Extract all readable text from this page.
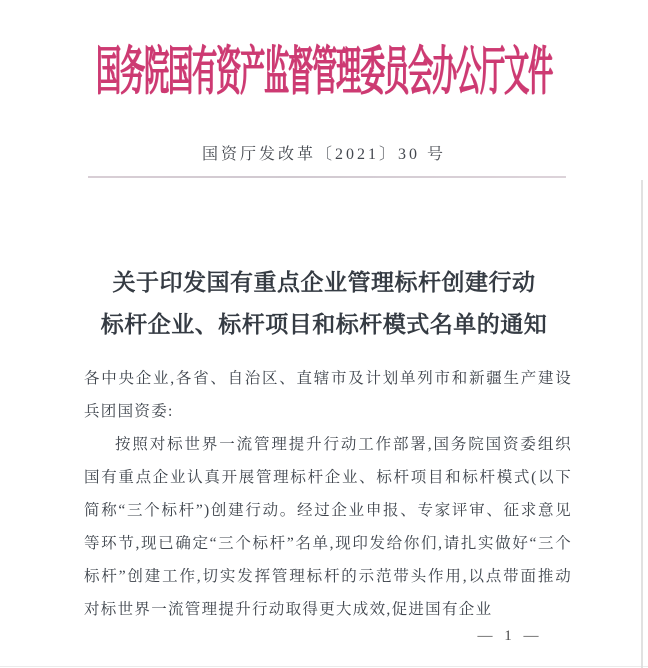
国务院国有资产监督管理委员会办公厅文件
国资厅发改革〔2021〕30 号
关于印发国有重点企业管理标杆创建行动
标杆企业、标杆项目和标杆模式名单的通知

各中央企业,各省、自治区、直辖市及计划单列市和新疆生产建设兵团国资委:

按照对标世界一流管理提升行动工作部署,国务院国资委组织国有重点企业认真开展管理标杆企业、标杆项目和标杆模式(以下简称“三个标杆”)创建行动。经过企业申报、专家评审、征求意见等环节,现已确定“三个标杆”名单,现印发给你们,请扎实做好“三个标杆”创建工作,切实发挥管理标杆的示范带头作用,以点带面推动对标世界一流管理提升行动取得更大成效,促进国有企业

— 1 —
